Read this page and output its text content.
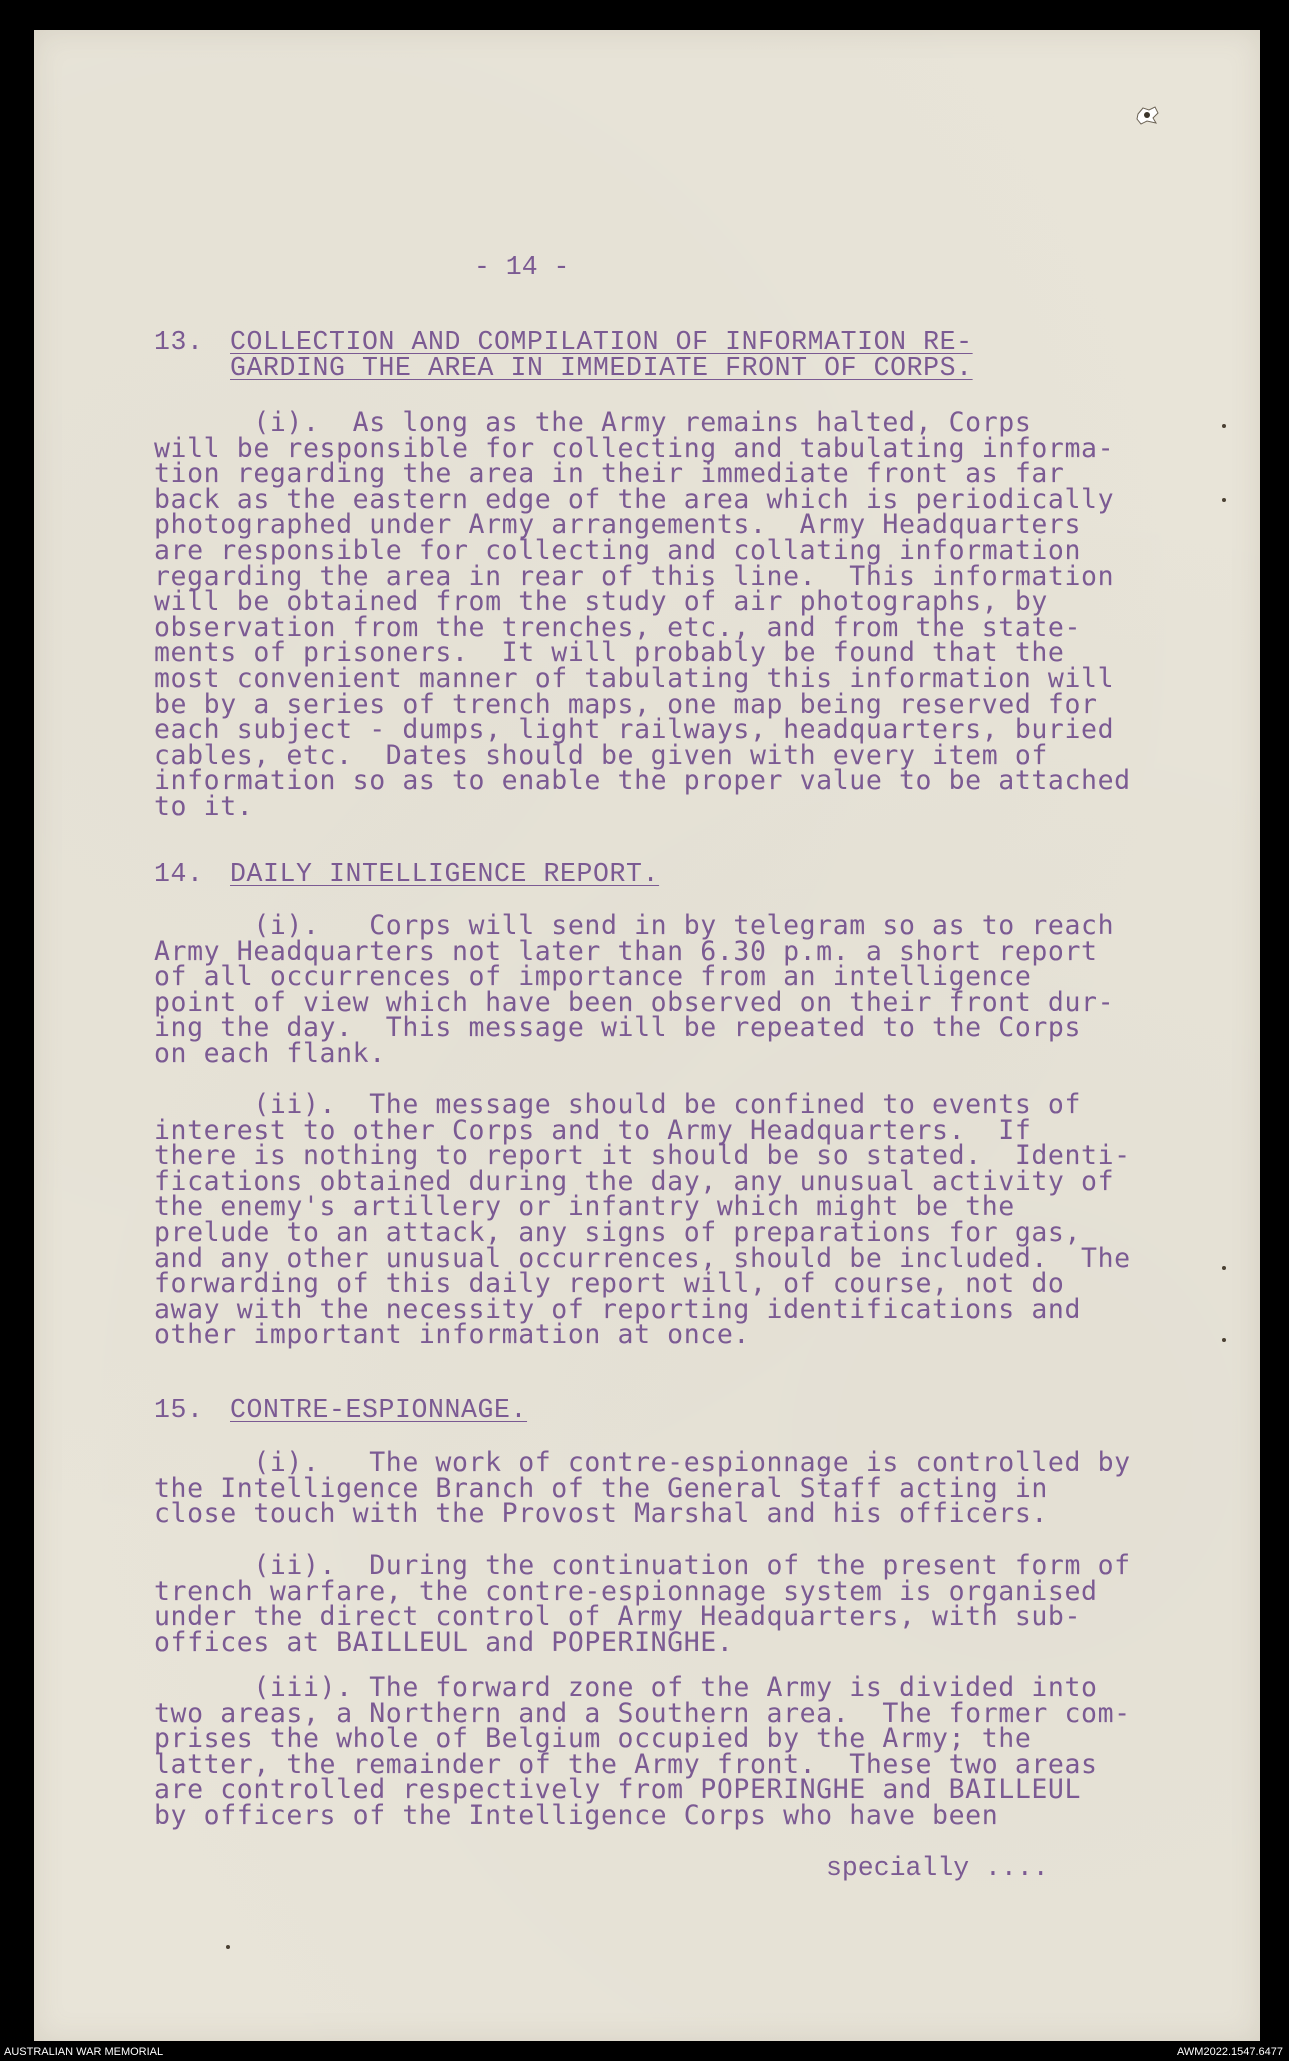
- 14 -
13. COLLECTION AND COMPILATION OF INFORMATION RE-
GARDING THE AREA IN IMMEDIATE FRONT OF CORPS.
(i).  As long as the Army remains halted, Corps
will be responsible for collecting and tabulating informa-
tion regarding the area in their immediate front as far
back as the eastern edge of the area which is periodically
photographed under Army arrangements.  Army Headquarters
are responsible for collecting and collating information
regarding the area in rear of this line.  This information
will be obtained from the study of air photographs, by
observation from the trenches, etc., and from the state-
ments of prisoners.  It will probably be found that the
most convenient manner of tabulating this information will
be by a series of trench maps, one map being reserved for
each subject - dumps, light railways, headquarters, buried
cables, etc.  Dates should be given with every item of
information so as to enable the proper value to be attached
to it.
14. DAILY INTELLIGENCE REPORT.
(i).   Corps will send in by telegram so as to reach
Army Headquarters not later than 6.30 p.m. a short report
of all occurrences of importance from an intelligence
point of view which have been observed on their front dur-
ing the day.  This message will be repeated to the Corps
on each flank.
(ii).  The message should be confined to events of
interest to other Corps and to Army Headquarters.  If
there is nothing to report it should be so stated.  Identi-
fications obtained during the day, any unusual activity of
the enemy's artillery or infantry which might be the
prelude to an attack, any signs of preparations for gas,
and any other unusual occurrences, should be included.  The
forwarding of this daily report will, of course, not do
away with the necessity of reporting identifications and
other important information at once.
15. CONTRE-ESPIONNAGE.
(i).   The work of contre-espionnage is controlled by
the Intelligence Branch of the General Staff acting in
close touch with the Provost Marshal and his officers.
(ii).  During the continuation of the present form of
trench warfare, the contre-espionnage system is organised
under the direct control of Army Headquarters, with sub-
offices at BAILLEUL and POPERINGHE.
(iii). The forward zone of the Army is divided into
two areas, a Northern and a Southern area.  The former com-
prises the whole of Belgium occupied by the Army; the
latter, the remainder of the Army front.  These two areas
are controlled respectively from POPERINGHE and BAILLEUL
by officers of the Intelligence Corps who have been
specially ....
AUSTRALIAN WAR MEMORIAL	AWM2022.1547.6477
